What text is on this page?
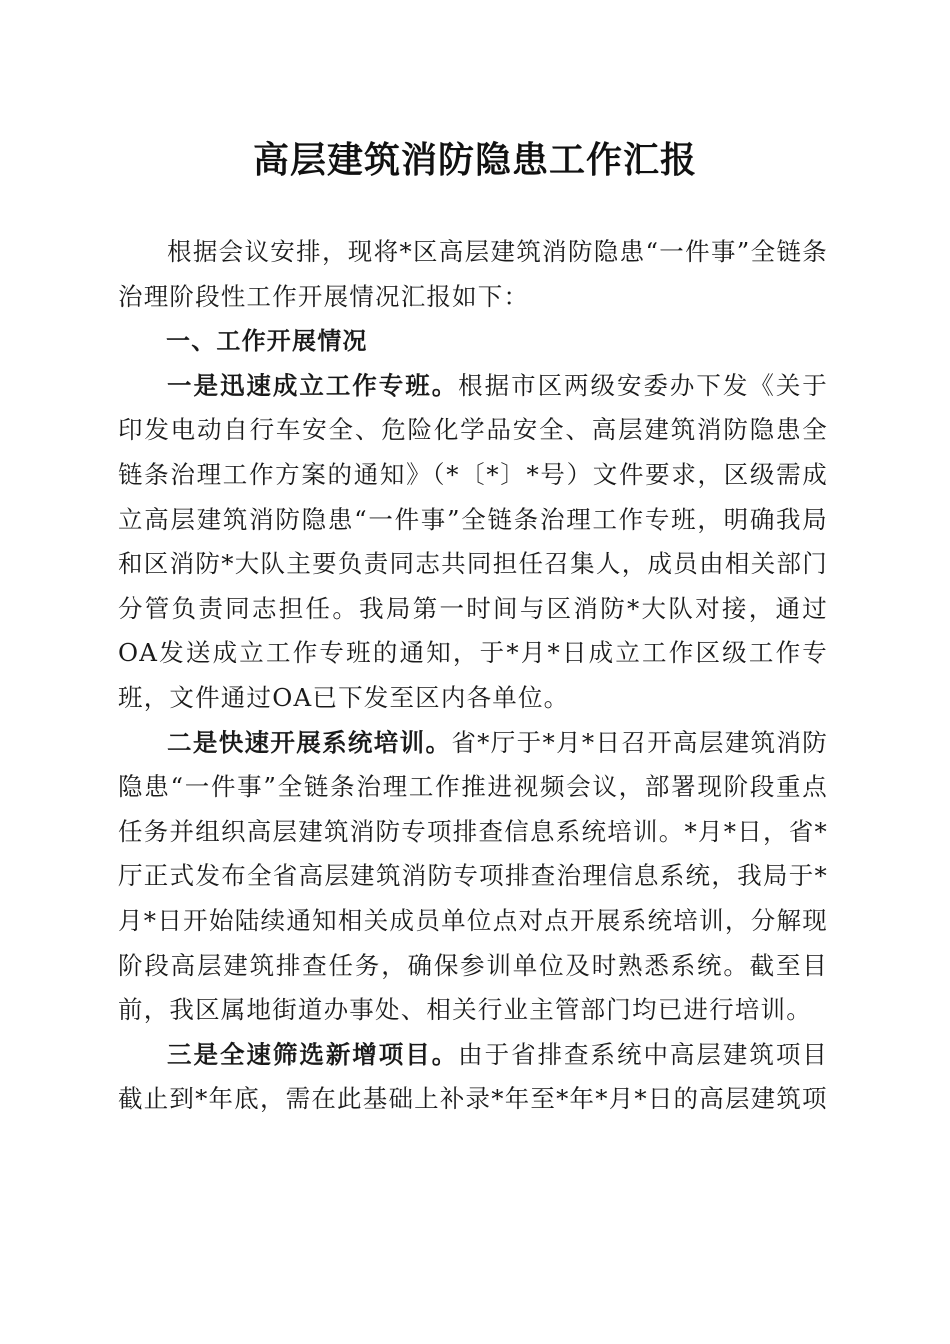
高层建筑消防隐患工作汇报

根据会议安排，现将*区高层建筑消防隐患“一件事”全链条治理阶段性工作开展情况汇报如下：

一、工作开展情况

一是迅速成立工作专班。根据市区两级安委办下发《关于印发电动自行车安全、危险化学品安全、高层建筑消防隐患全链条治理工作方案的通知》（*〔*〕*号）文件要求，区级需成立高层建筑消防隐患“一件事”全链条治理工作专班，明确我局和区消防*大队主要负责同志共同担任召集人，成员由相关部门分管负责同志担任。我局第一时间与区消防*大队对接，通过OA发送成立工作专班的通知，于*月*日成立工作区级工作专班，文件通过OA已下发至区内各单位。

二是快速开展系统培训。省*厅于*月*日召开高层建筑消防隐患“一件事”全链条治理工作推进视频会议，部署现阶段重点任务并组织高层建筑消防专项排查信息系统培训。*月*日，省*厅正式发布全省高层建筑消防专项排查治理信息系统，我局于*月*日开始陆续通知相关成员单位点对点开展系统培训，分解现阶段高层建筑排查任务，确保参训单位及时熟悉系统。截至目前，我区属地街道办事处、相关行业主管部门均已进行培训。

三是全速筛选新增项目。由于省排查系统中高层建筑项目截止到*年底，需在此基础上补录*年至*年*月*日的高层建筑项
